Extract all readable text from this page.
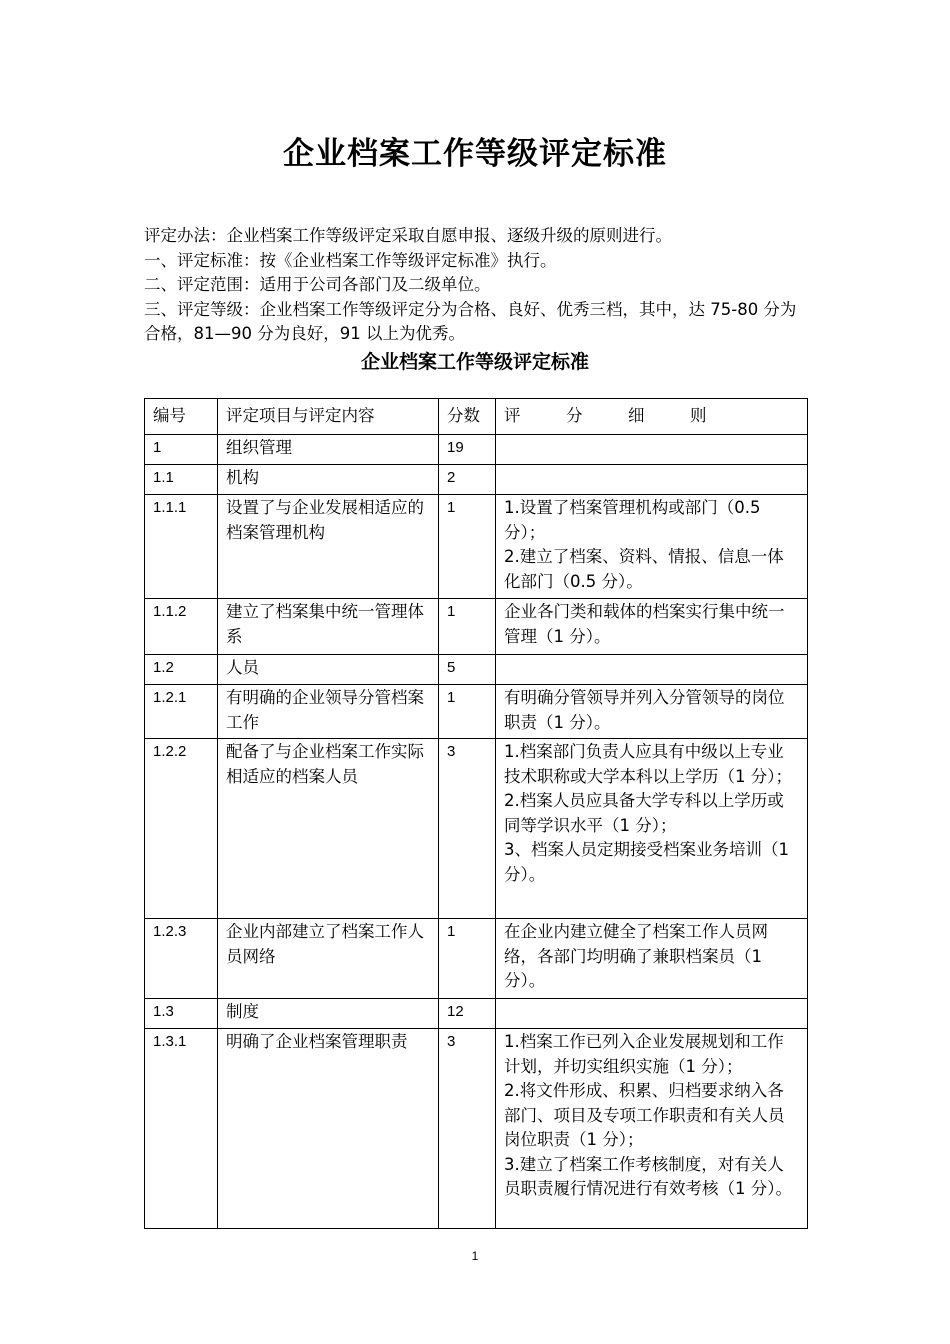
企业档案工作等级评定标准

评定办法：企业档案工作等级评定采取自愿申报、逐级升级的原则进行。

一、评定标准：按《企业档案工作等级评定标准》执行。

二、评定范围：适用于公司各部门及二级单位。

三、评定等级：企业档案工作等级评定分为合格、良好、优秀三档，其中，达 75-80 分为合格，81—90 分为良好，91 以上为优秀。

企业档案工作等级评定标准
编号	评定项目与评定内容	分数	评 分 细 则
1	组织管理	19	
1.1	机构	2	
1.1.1	设置了与企业发展相适应的档案管理机构	1	1.设置了档案管理机构或部门（0.5 分）；
2.建立了档案、资料、情报、信息一体化部门（0.5 分）。

1.1.2	建立了档案集中统一管理体系	1	企业各门类和载体的档案实行集中统一管理（1 分）。

1.2	人员	5	
1.2.1	有明确的企业领导分管档案工作	1	有明确分管领导并列入分管领导的岗位职责（1 分）。

1.2.2	配备了与企业档案工作实际相适应的档案人员	3	1.档案部门负责人应具有中级以上专业技术职称或大学本科以上学历（1 分）；
2.档案人员应具备大学专科以上学历或同等学识水平（1 分）；
3、档案人员定期接受档案业务培训（1 分）。

1.2.3	企业内部建立了档案工作人员网络	1	在企业内建立健全了档案工作人员网络，各部门均明确了兼职档案员（1 分）。

1.3	制度	12	
1.3.1	明确了企业档案管理职责	3	1.档案工作已列入企业发展规划和工作计划，并切实组织实施（1 分）；
2.将文件形成、积累、归档要求纳入各部门、项目及专项工作职责和有关人员岗位职责（1 分）；
3.建立了档案工作考核制度，对有关人员职责履行情况进行有效考核（1 分）。
1
